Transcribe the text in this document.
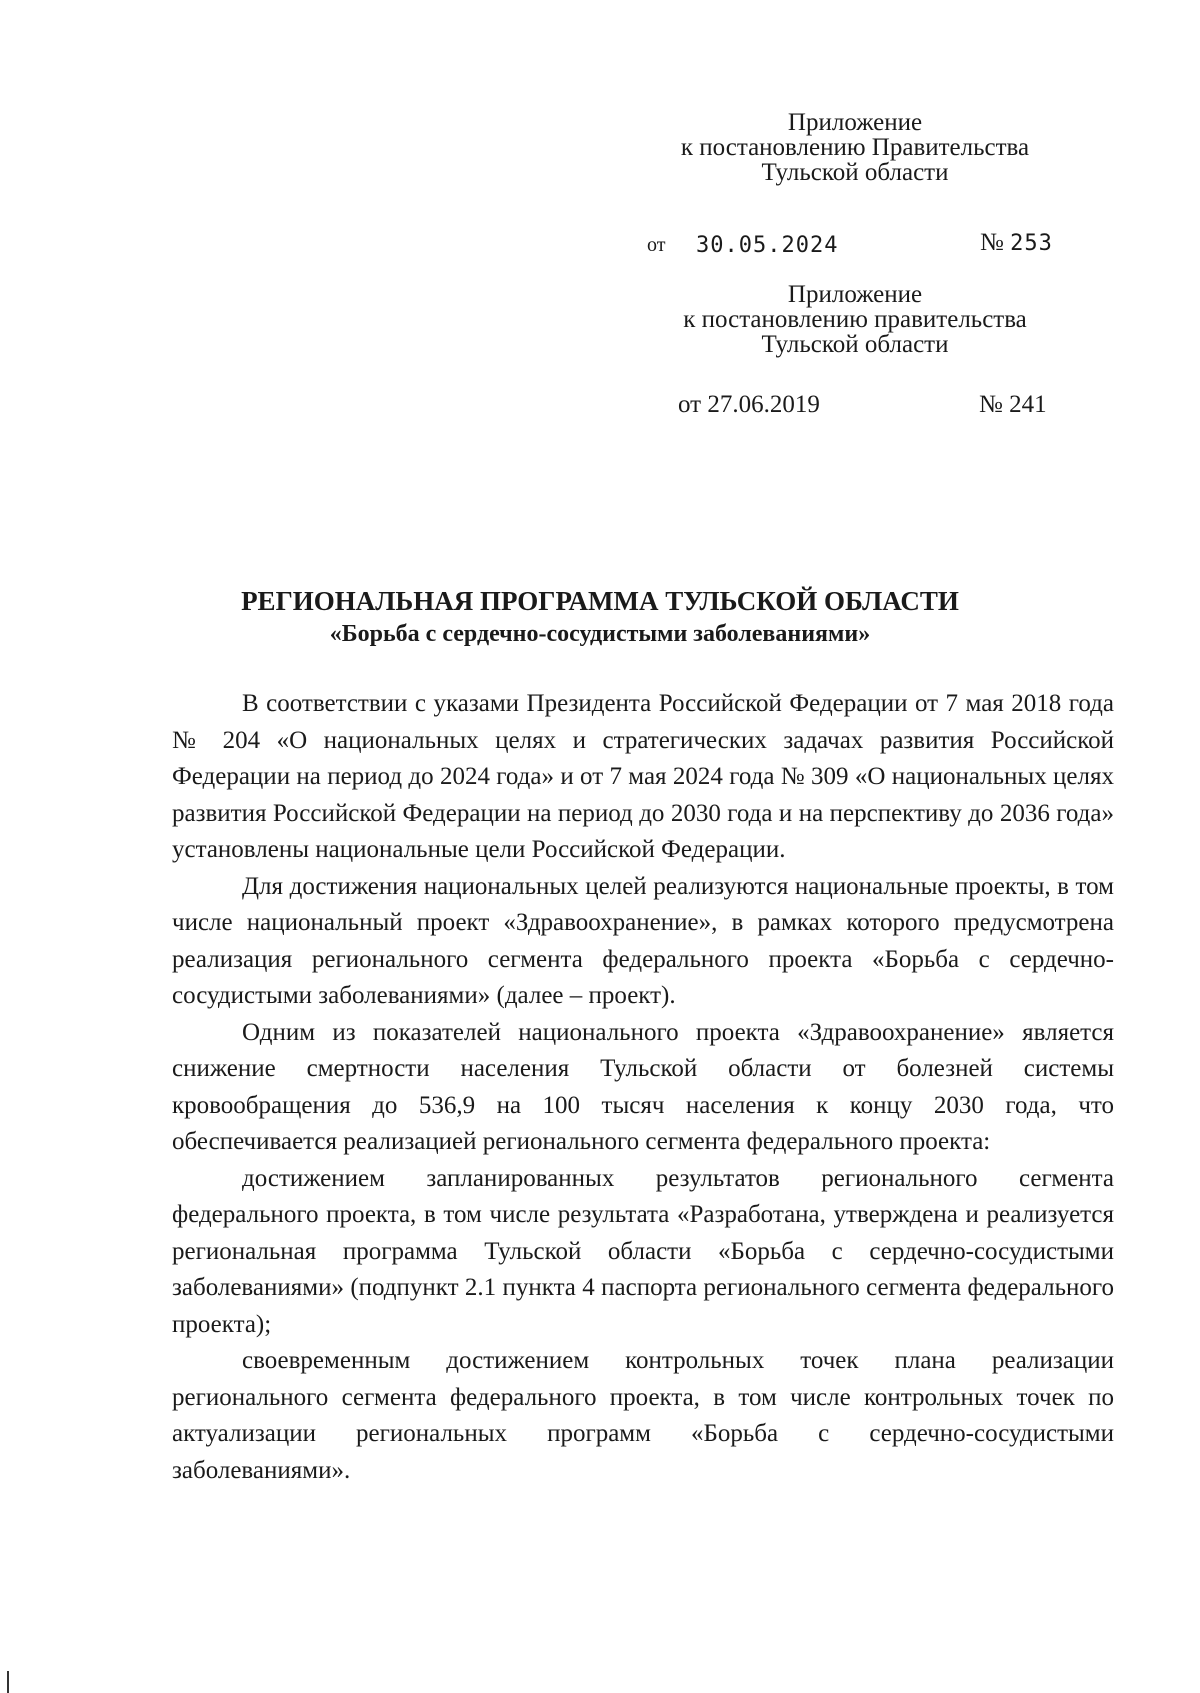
Приложение
к постановлению Правительства
Тульской области
от 30.05.2024	№ 253
Приложение
к постановлению правительства
Тульской области
от 27.06.2019	№ 241
РЕГИОНАЛЬНАЯ ПРОГРАММА ТУЛЬСКОЙ ОБЛАСТИ
«Борьба с сердечно-сосудистыми заболеваниями»

В соответствии с указами Президента Российской Федерации от 7 мая 2018 года № 204 «О национальных целях и стратегических задачах развития Российской Федерации на период до 2024 года» и от 7 мая 2024 года № 309 «О национальных целях развития Российской Федерации на период до 2030 года и на перспективу до 2036 года» установлены национальные цели Российской Федерации.

Для достижения национальных целей реализуются национальные проекты, в том числе национальный проект «Здравоохранение», в рамках которого предусмотрена реализация регионального сегмента федерального проекта «Борьба с сердечно-сосудистыми заболеваниями» (далее – проект).

Одним из показателей национального проекта «Здравоохранение» является снижение смертности населения Тульской области от болезней системы кровообращения до 536,9 на 100 тысяч населения к концу 2030 года, что обеспечивается реализацией регионального сегмента федерального проекта:

достижением запланированных результатов регионального сегмента федерального проекта, в том числе результата «Разработана, утверждена и реализуется региональная программа Тульской области «Борьба с сердечно-сосудистыми заболеваниями» (подпункт 2.1 пункта 4 паспорта регионального сегмента федерального проекта);

своевременным достижением контрольных точек плана реализации регионального сегмента федерального проекта, в том числе контрольных точек по актуализации региональных программ «Борьба с сердечно-сосудистыми заболеваниями».
